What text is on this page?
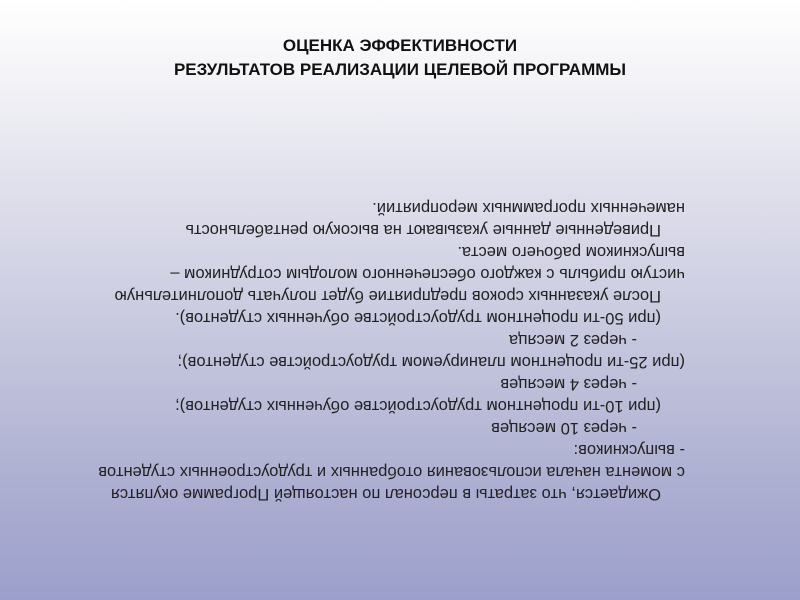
ОЦЕНКА ЭФФЕКТИВНОСТИ
РЕЗУЛЬТАТОВ РЕАЛИЗАЦИИ ЦЕЛЕВОЙ ПРОГРАММЫ
Ожидается, что затраты в персонал по настоящей Программе окупятся
с момента начала использования отобранных и трудоустроенных студентов
- выпускников:
- через 10 месяцев
(при 10-ти процентном трудоустройстве обученных студентов);
- через 4 месяцев
(при 25-ти процентном планируемом трудоустройстве студентов);
- через 2 месяца
(при 50-ти процентном трудоустройстве обученных студентов).
После указанных сроков предприятие будет получать дополнительную
чистую прибыль с каждого обеспеченного молодым сотрудником –
выпускником рабочего места.
Приведенные данные указывают на высокую рентабельность
намеченных программных мероприятий.
